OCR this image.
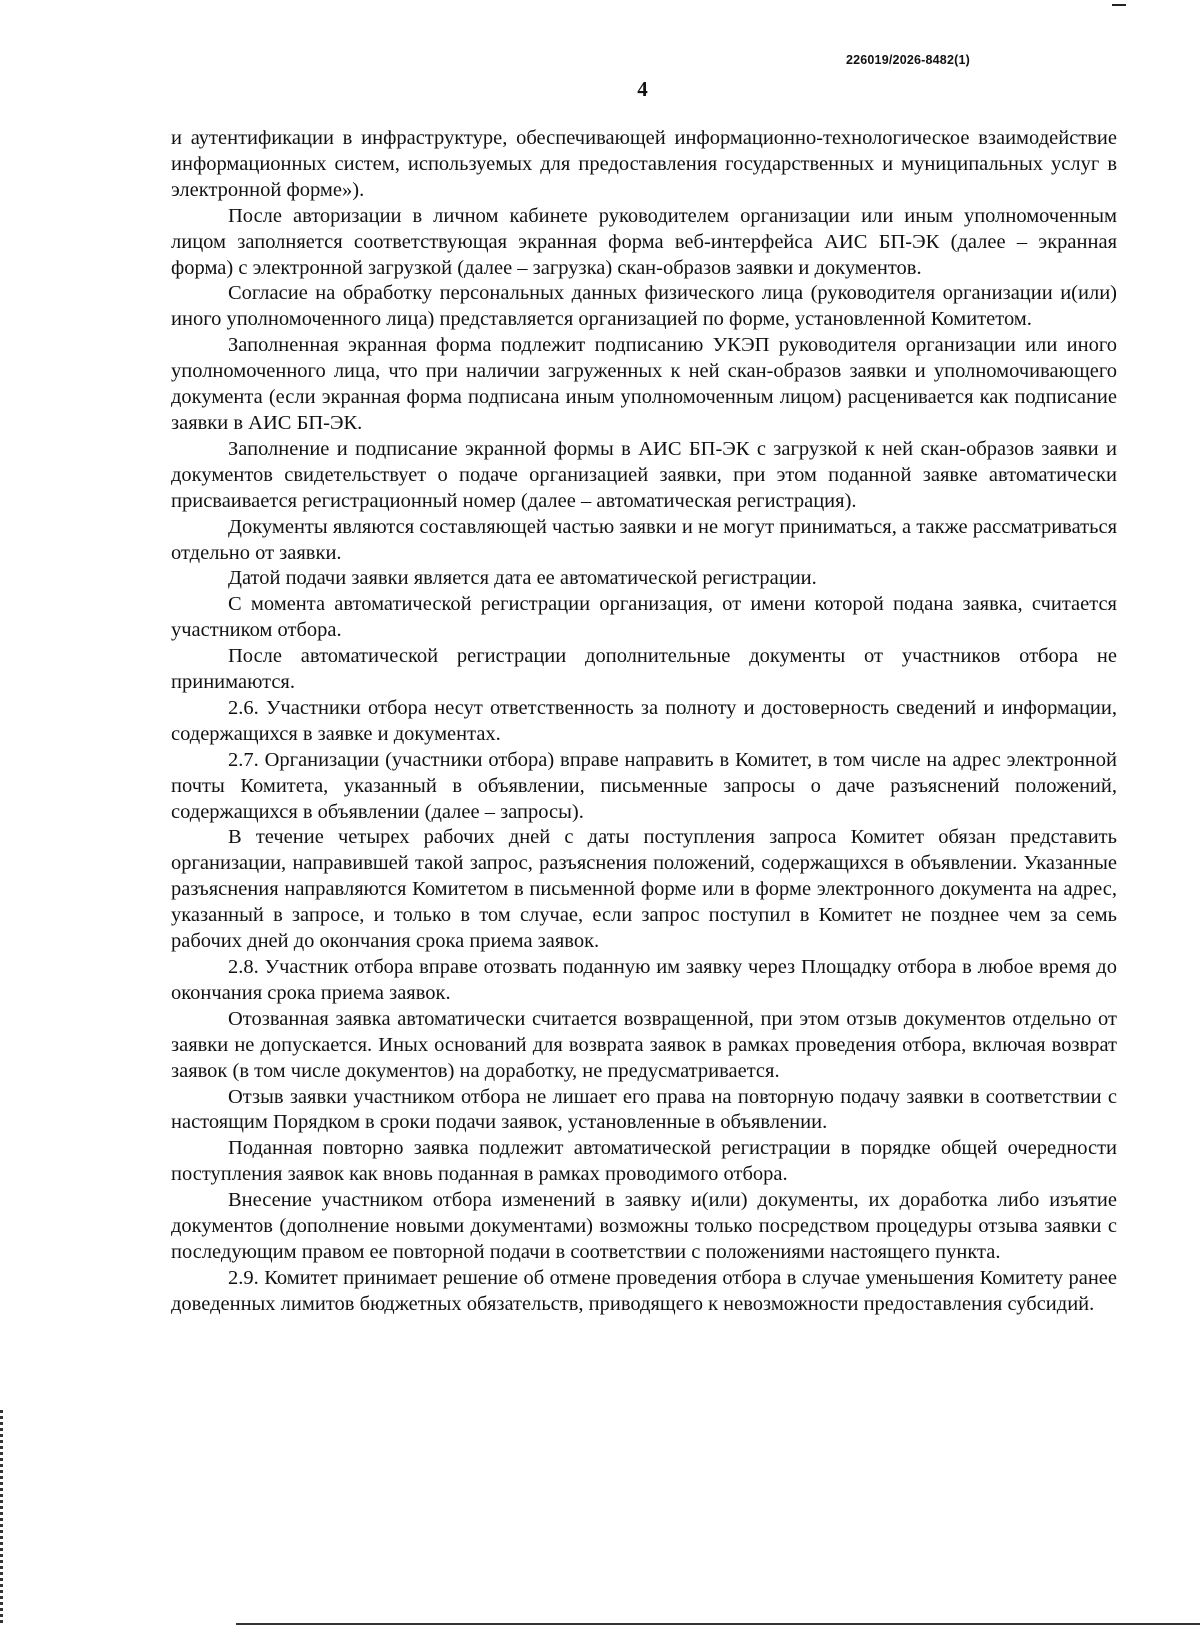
226019/2026-8482(1)
4

и аутентификации в инфраструктуре, обеспечивающей информационно-технологическое взаимодействие информационных систем, используемых для предоставления государственных и муниципальных услуг в электронной форме»).

После авторизации в личном кабинете руководителем организации или иным уполномоченным лицом заполняется соответствующая экранная форма веб-интерфейса АИС БП-ЭК (далее – экранная форма) с электронной загрузкой (далее – загрузка) скан-образов заявки и документов.

Согласие на обработку персональных данных физического лица (руководителя организации и(или) иного уполномоченного лица) представляется организацией по форме, установленной Комитетом.

Заполненная экранная форма подлежит подписанию УКЭП руководителя организации или иного уполномоченного лица, что при наличии загруженных к ней скан-образов заявки и уполномочивающего документа (если экранная форма подписана иным уполномоченным лицом) расценивается как подписание заявки в АИС БП-ЭК.

Заполнение и подписание экранной формы в АИС БП-ЭК с загрузкой к ней скан-образов заявки и документов свидетельствует о подаче организацией заявки, при этом поданной заявке автоматически присваивается регистрационный номер (далее – автоматическая регистрация).

Документы являются составляющей частью заявки и не могут приниматься, а также рассматриваться отдельно от заявки.

Датой подачи заявки является дата ее автоматической регистрации.

С момента автоматической регистрации организация, от имени которой подана заявка, считается участником отбора.

После автоматической регистрации дополнительные документы от участников отбора не принимаются.

2.6. Участники отбора несут ответственность за полноту и достоверность сведений и информации, содержащихся в заявке и документах.

2.7. Организации (участники отбора) вправе направить в Комитет, в том числе на адрес электронной почты Комитета, указанный в объявлении, письменные запросы о даче разъяснений положений, содержащихся в объявлении (далее – запросы).

В течение четырех рабочих дней с даты поступления запроса Комитет обязан представить организации, направившей такой запрос, разъяснения положений, содержащихся в объявлении. Указанные разъяснения направляются Комитетом в письменной форме или в форме электронного документа на адрес, указанный в запросе, и только в том случае, если запрос поступил в Комитет не позднее чем за семь рабочих дней до окончания срока приема заявок.

2.8. Участник отбора вправе отозвать поданную им заявку через Площадку отбора в любое время до окончания срока приема заявок.

Отозванная заявка автоматически считается возвращенной, при этом отзыв документов отдельно от заявки не допускается. Иных оснований для возврата заявок в рамках проведения отбора, включая возврат заявок (в том числе документов) на доработку, не предусматривается.

Отзыв заявки участником отбора не лишает его права на повторную подачу заявки в соответствии с настоящим Порядком в сроки подачи заявок, установленные в объявлении.

Поданная повторно заявка подлежит автоматической регистрации в порядке общей очередности поступления заявок как вновь поданная в рамках проводимого отбора.

Внесение участником отбора изменений в заявку и(или) документы, их доработка либо изъятие документов (дополнение новыми документами) возможны только посредством процедуры отзыва заявки с последующим правом ее повторной подачи в соответствии с положениями настоящего пункта.

2.9. Комитет принимает решение об отмене проведения отбора в случае уменьшения Комитету ранее доведенных лимитов бюджетных обязательств, приводящего к невозможности предоставления субсидий.
